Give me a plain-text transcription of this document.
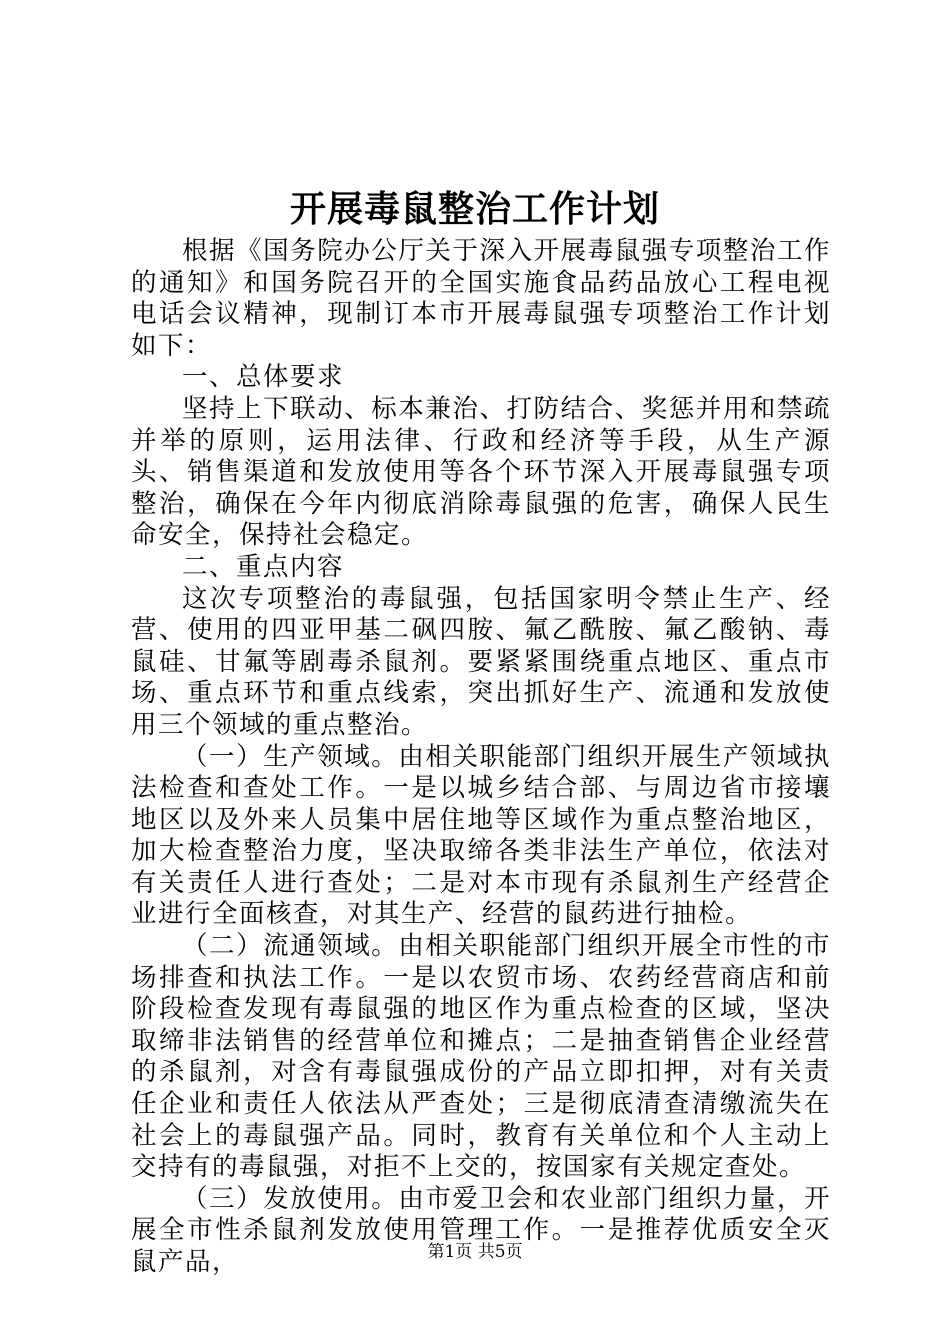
开展毒鼠整治工作计划

根据《国务院办公厅关于深入开展毒鼠强专项整治工作的通知》和国务院召开的全国实施食品药品放心工程电视电话会议精神，现制订本市开展毒鼠强专项整治工作计划如下：

一、总体要求

坚持上下联动、标本兼治、打防结合、奖惩并用和禁疏并举的原则，运用法律、行政和经济等手段，从生产源头、销售渠道和发放使用等各个环节深入开展毒鼠强专项整治，确保在今年内彻底消除毒鼠强的危害，确保人民生命安全，保持社会稳定。

二、重点内容

这次专项整治的毒鼠强，包括国家明令禁止生产、经营、使用的四亚甲基二砜四胺、氟乙酰胺、氟乙酸钠、毒鼠硅、甘氟等剧毒杀鼠剂。要紧紧围绕重点地区、重点市场、重点环节和重点线索，突出抓好生产、流通和发放使用三个领域的重点整治。

（一）生产领域。由相关职能部门组织开展生产领域执法检查和查处工作。一是以城乡结合部、与周边省市接壤地区以及外来人员集中居住地等区域作为重点整治地区，加大检查整治力度，坚决取缔各类非法生产单位，依法对有关责任人进行查处；二是对本市现有杀鼠剂生产经营企业进行全面核查，对其生产、经营的鼠药进行抽检。

（二）流通领域。由相关职能部门组织开展全市性的市场排查和执法工作。一是以农贸市场、农药经营商店和前阶段检查发现有毒鼠强的地区作为重点检查的区域，坚决取缔非法销售的经营单位和摊点；二是抽查销售企业经营的杀鼠剂，对含有毒鼠强成份的产品立即扣押，对有关责任企业和责任人依法从严查处；三是彻底清查清缴流失在社会上的毒鼠强产品。同时，教育有关单位和个人主动上交持有的毒鼠强，对拒不上交的，按国家有关规定查处。

（三）发放使用。由市爱卫会和农业部门组织力量，开展全市性杀鼠剂发放使用管理工作。一是推荐优质安全灭鼠产品，	第1页 共5页
